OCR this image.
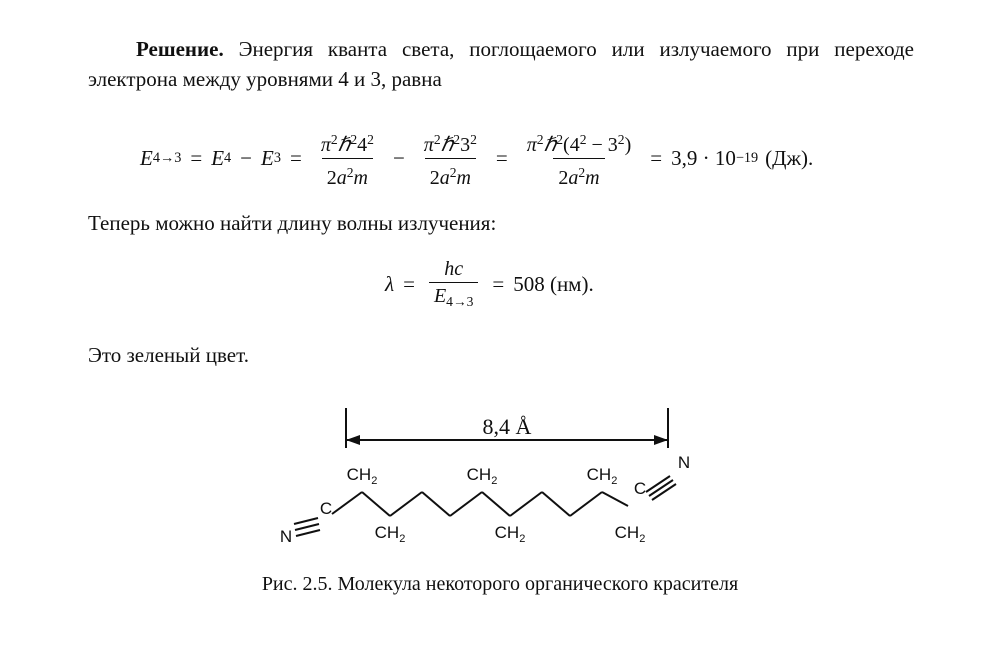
Решение. Энергия кванта света, поглощаемого или излучаемого при переходе электрона между уровнями 4 и 3, равна
E 4→3 = E 4 − E $3 = \frac{\pi^2\hbar^24^2}{2a^2m} - \frac{\pi^2\hbar^23^2}{2a^2m} = \frac{\pi^2\hbar^2(4^2 - 3^2)}{2a^2m} = 3,9 \cdot 10 -19$ (Дж).
Теперь можно найти длину волны излучения:
$\lambda = \frac{hc}{E_{4\to 3}} = 508$ (нм).
Это зеленый цвет.
8,4 Å
N
C
C
N
$CH_2$	$CH_2$	$CH_2$
$CH_2$	$CH_2$	$CH_2$
Рис. 2.5. Молекула некоторого органического красителя
